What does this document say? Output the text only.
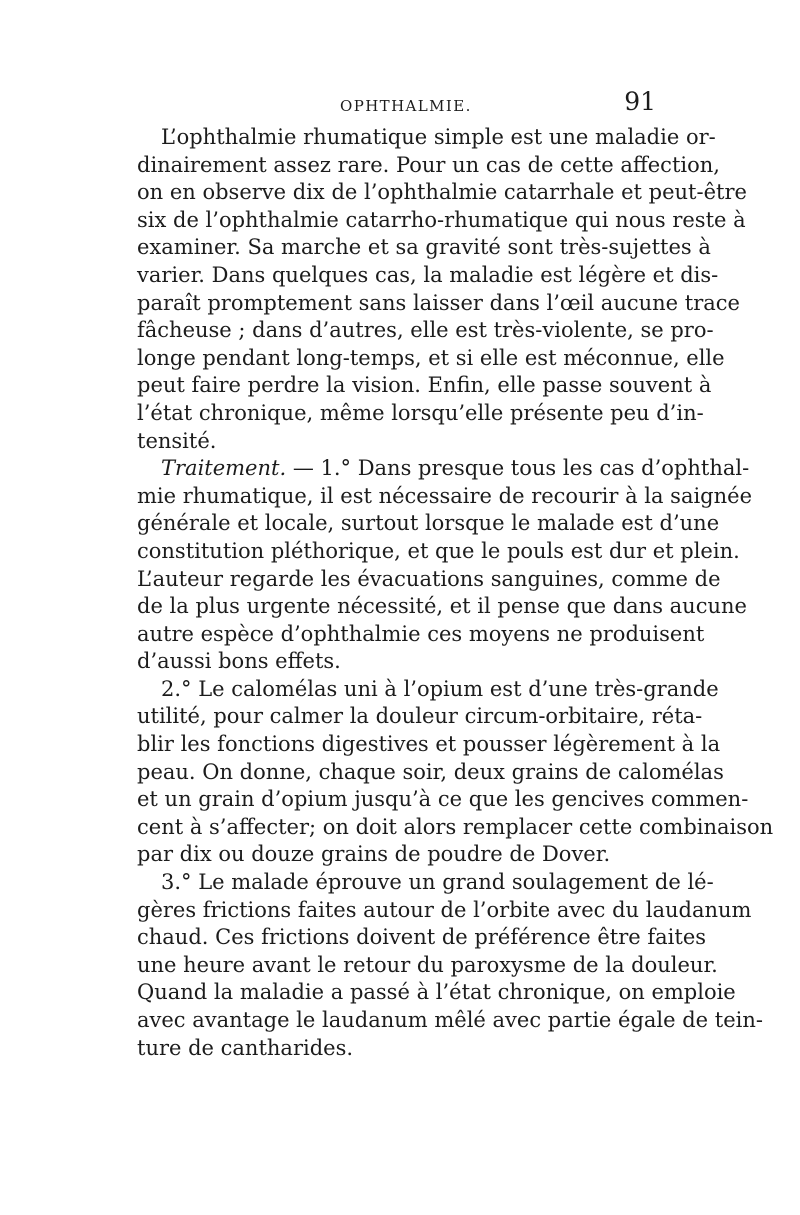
OPHTHALMIE.	91
L’ophthalmie rhumatique simple est une maladie or-
dinairement assez rare. Pour un cas de cette affection,
on en observe dix de l’ophthalmie catarrhale et peut-être
six de l’ophthalmie catarrho-rhumatique qui nous reste à
examiner. Sa marche et sa gravité sont très-sujettes à
varier. Dans quelques cas, la maladie est légère et dis-
paraît promptement sans laisser dans l’œil aucune trace
fâcheuse ; dans d’autres, elle est très-violente, se pro-
longe pendant long-temps, et si elle est méconnue, elle
peut faire perdre la vision. Enfin, elle passe souvent à
l’état chronique, même lorsqu’elle présente peu d’in-
tensité.
Traitement. — 1.° Dans presque tous les cas d’ophthal-
mie rhumatique, il est nécessaire de recourir à la saignée
générale et locale, surtout lorsque le malade est d’une
constitution pléthorique, et que le pouls est dur et plein.
L’auteur regarde les évacuations sanguines, comme de
de la plus urgente nécessité, et il pense que dans aucune
autre espèce d’ophthalmie ces moyens ne produisent
d’aussi bons effets.
2.° Le calomélas uni à l’opium est d’une très-grande
utilité, pour calmer la douleur circum-orbitaire, réta-
blir les fonctions digestives et pousser légèrement à la
peau. On donne, chaque soir, deux grains de calomélas
et un grain d’opium jusqu’à ce que les gencives commen-
cent à s’affecter; on doit alors remplacer cette combinaison
par dix ou douze grains de poudre de Dover.
3.° Le malade éprouve un grand soulagement de lé-
gères frictions faites autour de l’orbite avec du laudanum
chaud. Ces frictions doivent de préférence être faites
une heure avant le retour du paroxysme de la douleur.
Quand la maladie a passé à l’état chronique, on emploie
avec avantage le laudanum mêlé avec partie égale de tein-
ture de cantharides.
